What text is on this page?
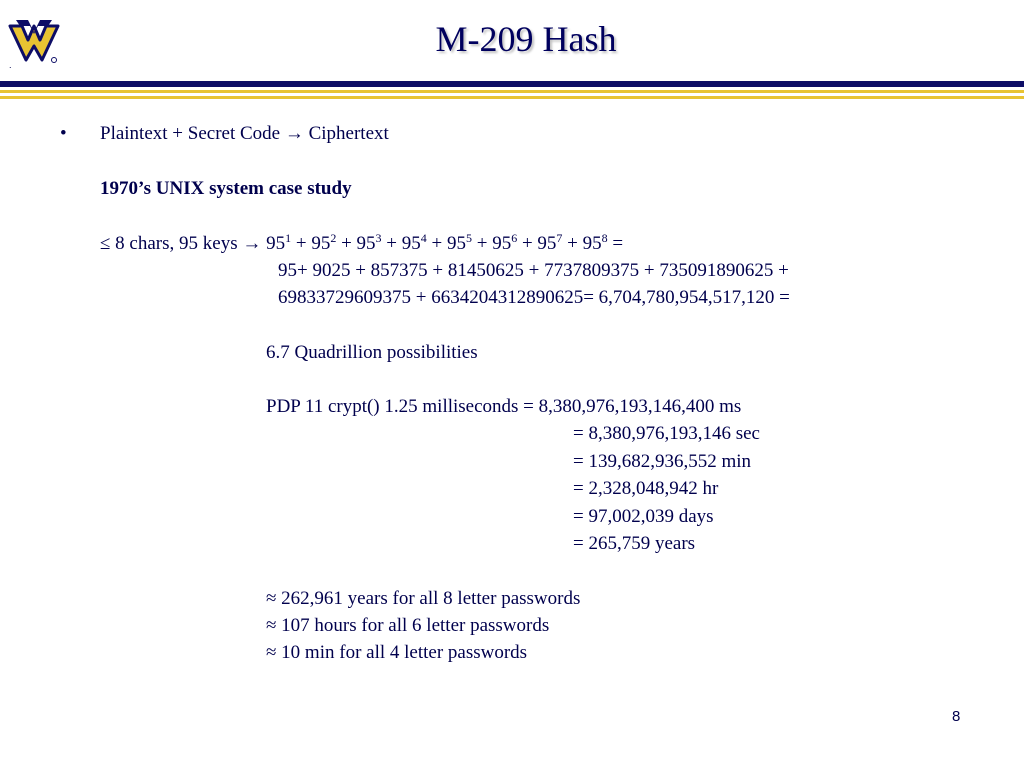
.
M-209 Hash
• Plaintext + Secret Code → Ciphertext
1970’s UNIX system case study
≤ 8 chars, 95 keys → $95^1 + 95^2 + 95^3 + 95^4 + 95^5 + 95^6 + 95^7 + 95^8$ =
95+ 9025 + 857375 + 81450625 + 7737809375 + 735091890625 +
69833729609375 + 6634204312890625= 6,704,780,954,517,120 =
6.7 Quadrillion possibilities
PDP 11 crypt() 1.25 milliseconds = 8,380,976,193,146,400 ms
= 8,380,976,193,146 sec
= 139,682,936,552 min
= 2,328,048,942 hr
= 97,002,039 days
= 265,759 years
≈ 262,961 years for all 8 letter passwords
≈ 107 hours for all 6 letter passwords
≈ 10 min for all 4 letter passwords
8
